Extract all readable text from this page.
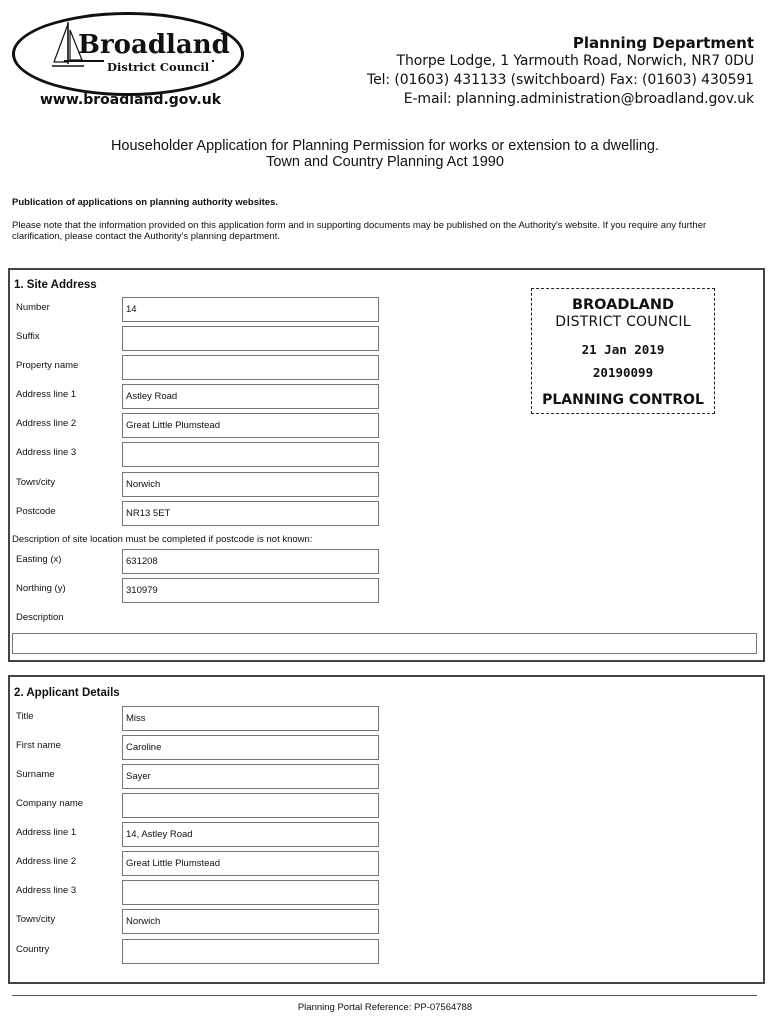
Broadland
District Council
www.broadland.gov.uk
Planning Department
Thorpe Lodge, 1 Yarmouth Road, Norwich, NR7 0DU
Tel: (01603) 431133 (switchboard) Fax: (01603) 430591
E-mail: planning.administration@broadland.gov.uk
Householder Application for Planning Permission for works or extension to a dwelling.
Town and Country Planning Act 1990
Publication of applications on planning authority websites.
Please note that the information provided on this application form and in supporting documents may be published on the Authority's website. If you require any further clarification, please contact the Authority's planning department.
1. Site Address
Number	14
Suffix
Property name
Address line 1	Astley Road
Address line 2	Great Little Plumstead
Address line 3
Town/city	Norwich
Postcode	NR13 5ET
Description of site location must be completed if postcode is not known:
Easting (x)	631208
Northing (y)	310979
Description
BROADLAND
DISTRICT COUNCIL
21 Jan 2019
20190099
PLANNING CONTROL
2. Applicant Details
Title	Miss
First name	Caroline
Surname	Sayer
Company name
Address line 1	14, Astley Road
Address line 2	Great Little Plumstead
Address line 3
Town/city	Norwich
Country
Planning Portal Reference: PP-07564788
